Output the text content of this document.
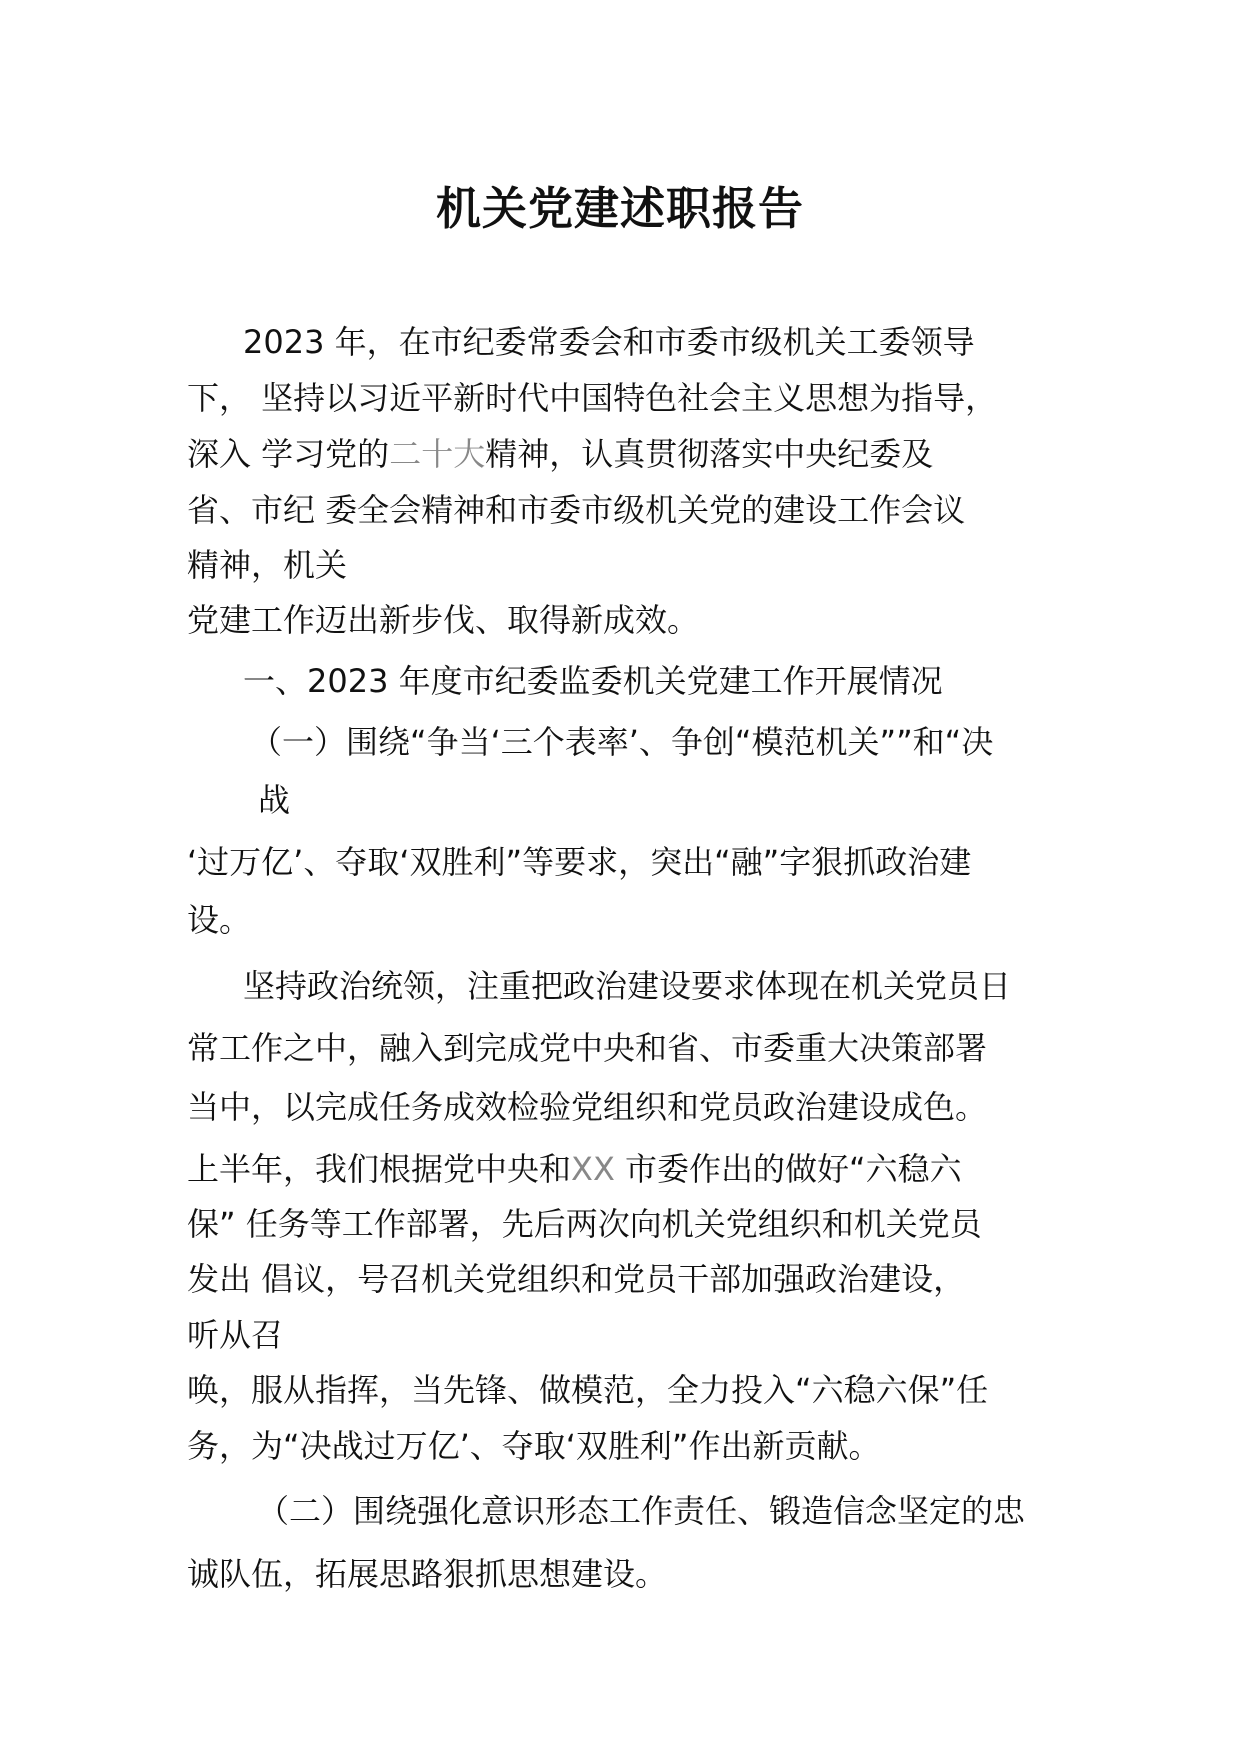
机关党建述职报告

2023 年，在市纪委常委会和市委市级机关工委领导

下， 坚持以习近平新时代中国特色社会主义思想为指导，

深入 学习党的二十大精神，认真贯彻落实中央纪委及

省、市纪 委全会精神和市委市级机关党的建设工作会议

精神，机关

党建工作迈出新步伐、取得新成效。

一、2023 年度市纪委监委机关党建工作开展情况

（一）围绕“争当‘三个表率’、争创“模范机关””和“决

战

‘过万亿’、夺取‘双胜利”等要求，突出“融”字狠抓政治建

设。

坚持政治统领，注重把政治建设要求体现在机关党员日

常工作之中，融入到完成党中央和省、市委重大决策部署

当中，以完成任务成效检验党组织和党员政治建设成色。

上半年，我们根据党中央和XX 市委作出的做好“六稳六

保” 任务等工作部署，先后两次向机关党组织和机关党员

发出 倡议，号召机关党组织和党员干部加强政治建设，

听从召

唤，服从指挥，当先锋、做模范，全力投入“六稳六保”任

务，为“决战过万亿’、夺取‘双胜利”作出新贡献。

（二）围绕强化意识形态工作责任、锻造信念坚定的忠

诚队伍，拓展思路狠抓思想建设。
